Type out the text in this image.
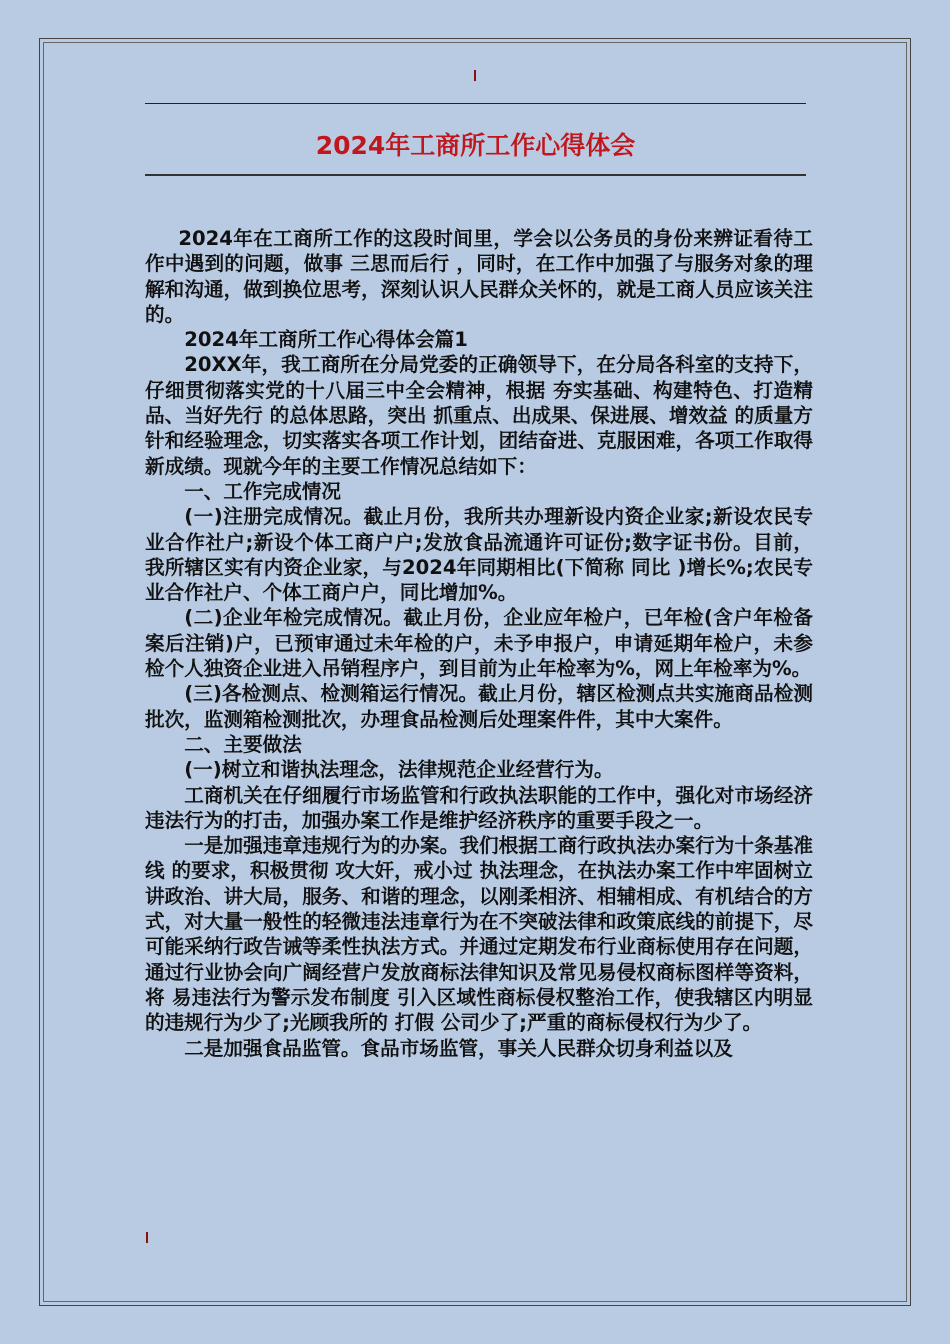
2024年工商所工作心得体会

2024年在工商所工作的这段时间里，学会以公务员的身份来辨证看待工作中遇到的问题，做事 三思而后行 ，同时，在工作中加强了与服务对象的理解和沟通，做到换位思考，深刻认识人民群众关怀的，就是工商人员应该关注的。

2024年工商所工作心得体会篇1

20XX年，我工商所在分局党委的正确领导下，在分局各科室的支持下，仔细贯彻落实党的十八届三中全会精神，根据 夯实基础、构建特色、打造精品、当好先行 的总体思路，突出 抓重点、出成果、保进展、增效益 的质量方针和经验理念，切实落实各项工作计划，团结奋进、克服困难，各项工作取得新成绩。现就今年的主要工作情况总结如下：

一、工作完成情况

(一)注册完成情况。截止月份，我所共办理新设内资企业家;新设农民专业合作社户;新设个体工商户户;发放食品流通许可证份;数字证书份。目前，我所辖区实有内资企业家，与2024年同期相比(下简称 同比 )增长%;农民专业合作社户、个体工商户户，同比增加%。

(二)企业年检完成情况。截止月份，企业应年检户，已年检(含户年检备案后注销)户，已预审通过未年检的户，未予申报户，申请延期年检户，未参检个人独资企业进入吊销程序户，到目前为止年检率为%，网上年检率为%。

(三)各检测点、检测箱运行情况。截止月份，辖区检测点共实施商品检测批次，监测箱检测批次，办理食品检测后处理案件件，其中大案件。

二、主要做法

(一)树立和谐执法理念，法律规范企业经营行为。

工商机关在仔细履行市场监管和行政执法职能的工作中，强化对市场经济违法行为的打击，加强办案工作是维护经济秩序的重要手段之一。

一是加强违章违规行为的办案。我们根据工商行政执法办案行为十条基准线 的要求，积极贯彻 攻大奸，戒小过 执法理念，在执法办案工作中牢固树立讲政治、讲大局，服务、和谐的理念，以刚柔相济、相辅相成、有机结合的方式，对大量一般性的轻微违法违章行为在不突破法律和政策底线的前提下，尽可能采纳行政告诫等柔性执法方式。并通过定期发布行业商标使用存在问题，通过行业协会向广阔经营户发放商标法律知识及常见易侵权商标图样等资料，将 易违法行为警示发布制度 引入区域性商标侵权整治工作，使我辖区内明显的违规行为少了;光顾我所的 打假 公司少了;严重的商标侵权行为少了。

二是加强食品监管。食品市场监管，事关人民群众切身利益以及
